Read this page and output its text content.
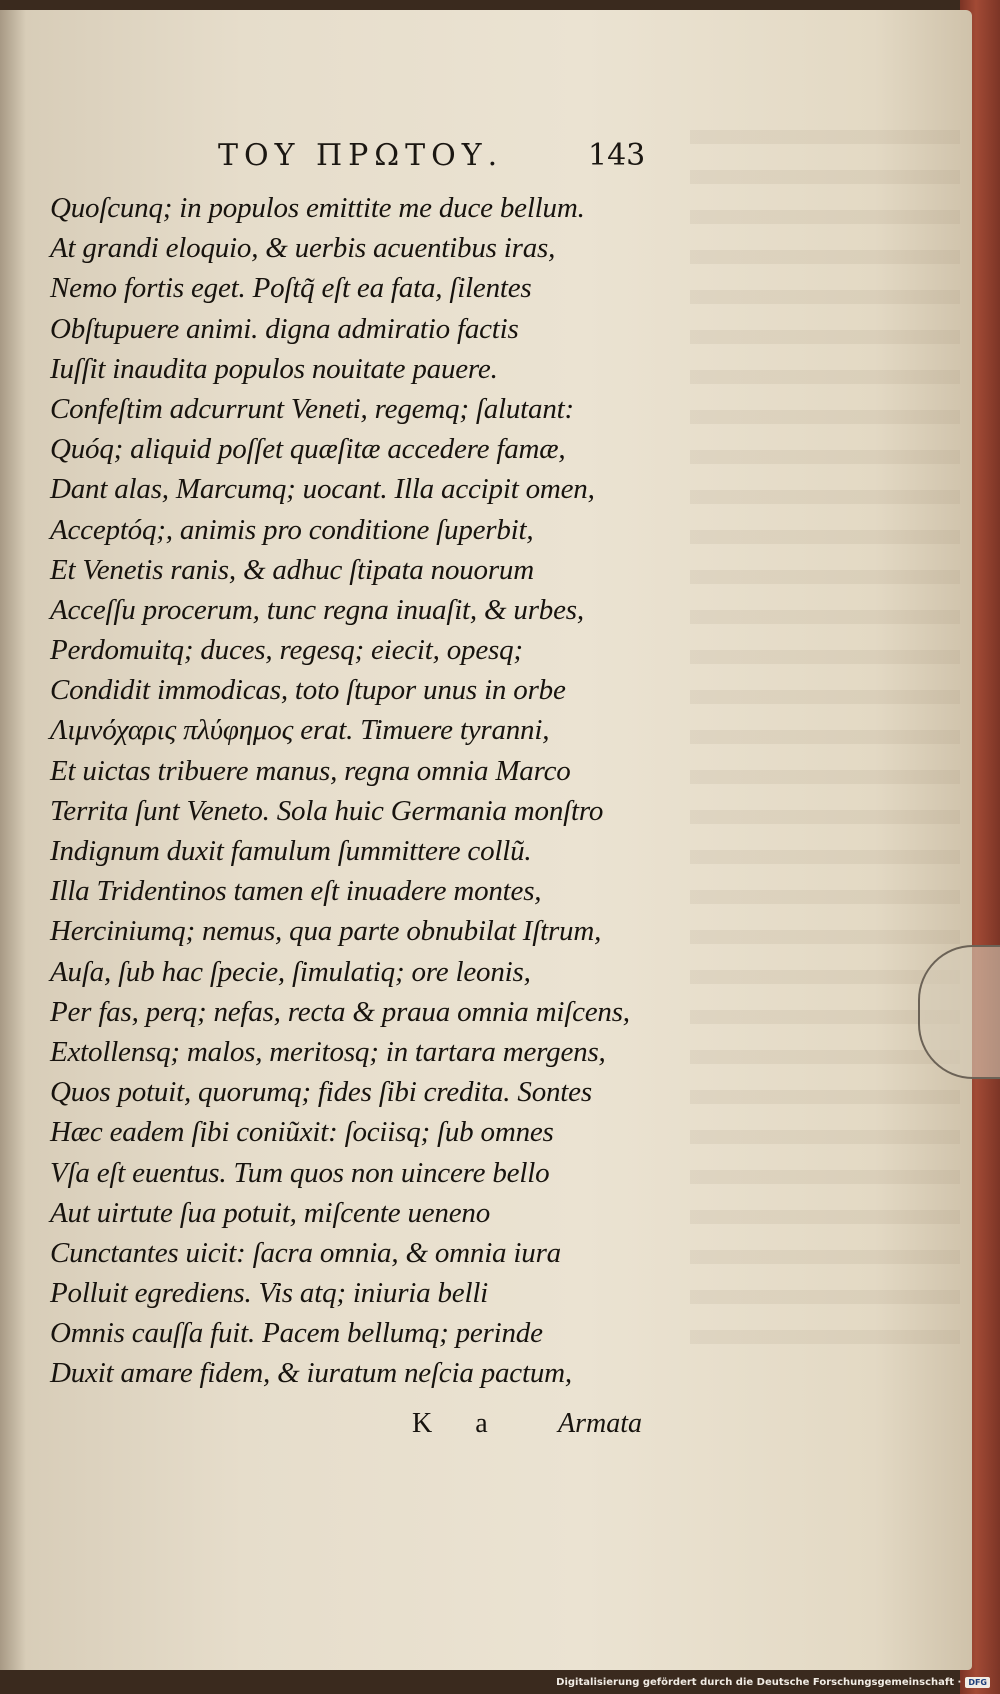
ΤΟΥ ΠΡΩΤΟΥ.	143
Quoſcunq; in populos emittite me duce bellum.
At grandi eloquio, & uerbis acuentibus iras,
Nemo fortis eget. Poſtq̃ eſt ea fata, ſilentes
Obſtupuere animi. digna admiratio factis
Iuſſit inaudita populos nouitate pauere.
Confeſtim adcurrunt Veneti, regemq; ſalutant:
Quóq; aliquid poſſet quæſitæ accedere famæ,
Dant alas, Marcumq; uocant. Illa accipit omen,
Acceptóq;, animis pro conditione ſuperbit,
Et Venetis ranis, & adhuc ſtipata nouorum
Acceſſu procerum, tunc regna inuaſit, & urbes,
Perdomuitq; duces, regesq; eiecit, opesq;
Condidit immodicas, toto ſtupor unus in orbe
Λιμνόχαρις πλύφημος erat. Timuere tyranni,
Et uictas tribuere manus, regna omnia Marco
Territa ſunt Veneto. Sola huic Germania monſtro
Indignum duxit famulum ſummittere collũ.
Illa Tridentinos tamen eſt inuadere montes,
Herciniumq; nemus, qua parte obnubilat Iſtrum,
Auſa, ſub hac ſpecie, ſimulatiq; ore leonis,
Per fas, perq; nefas, recta & praua omnia miſcens,
Extollensq; malos, meritosq; in tartara mergens,
Quos potuit, quorumq; fides ſibi credita. Sontes
Hæc eadem ſibi coniũxit: ſociisq; ſub omnes
Vſa eſt euentus. Tum quos non uincere bello
Aut uirtute ſua potuit, miſcente ueneno
Cunctantes uicit: ſacra omnia, & omnia iura
Polluit egrediens. Vis atq; iniuria belli
Omnis cauſſa fuit. Pacem bellumq; perinde
Duxit amare fidem, & iuratum neſcia pactum,
K a Armata
Digitalisierung gefördert durch die Deutsche Forschungsgemeinschaft · DFG
